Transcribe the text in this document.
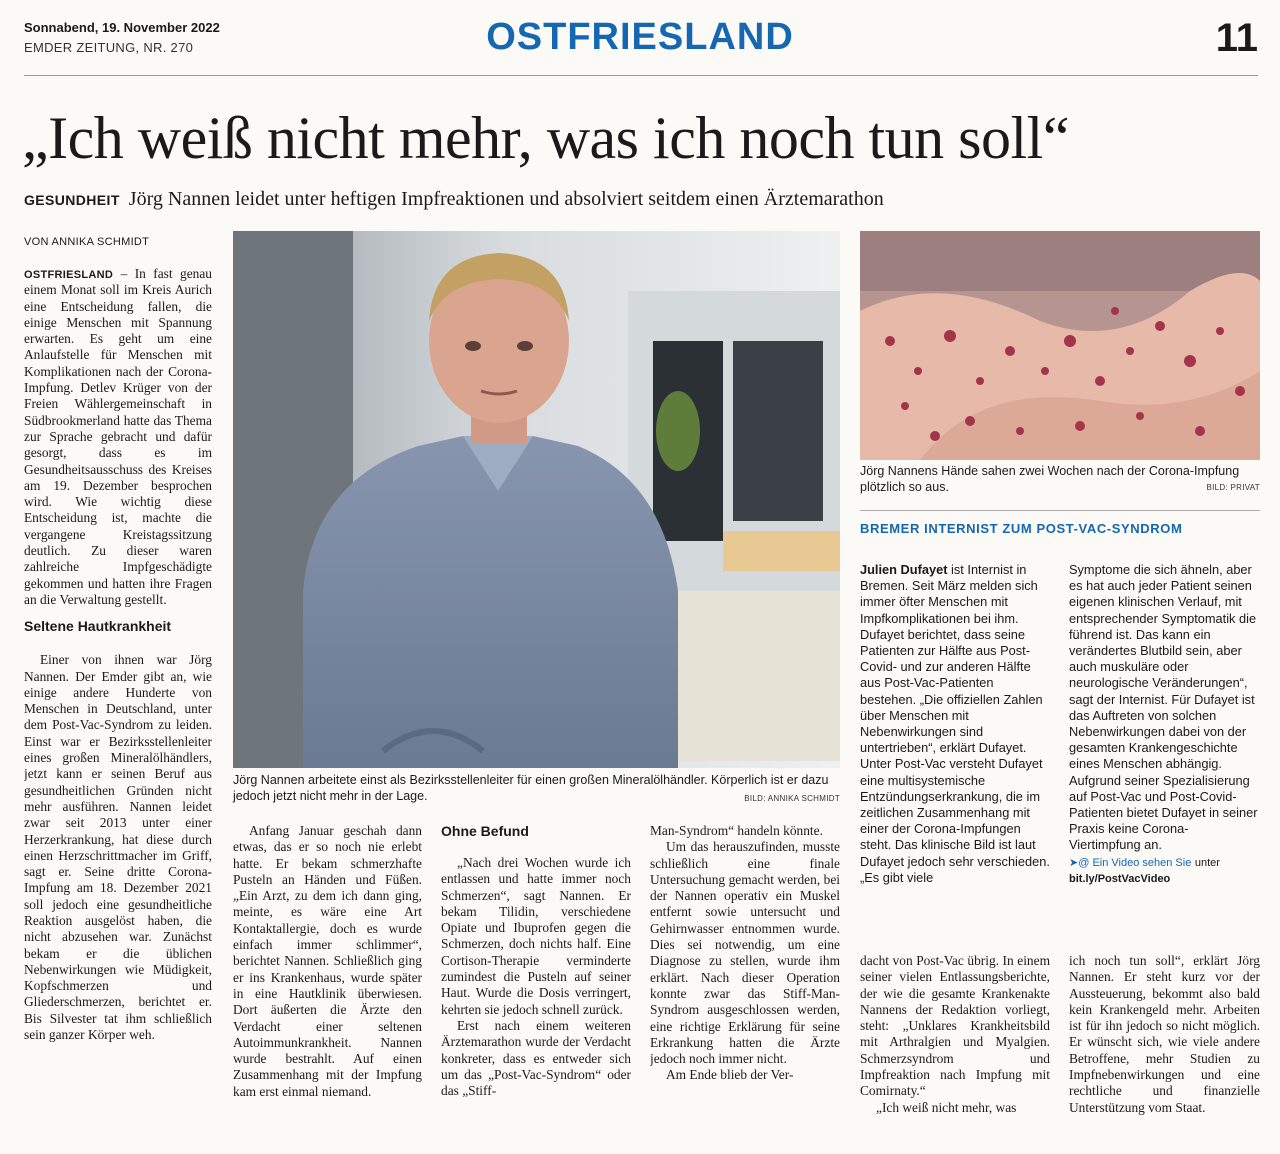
Sonnabend, 19. November 2022
EMDER ZEITUNG, NR. 270	OSTFRIESLAND	11
„Ich weiß nicht mehr, was ich noch tun soll“
GESUNDHEIT Jörg Nannen leidet unter heftigen Impfreaktionen und absolviert seitdem einen Ärztemarathon
VON ANNIKA SCHMIDT

OSTFRIESLAND – In fast genau einem Monat soll im Kreis Aurich eine Entscheidung fallen, die einige Menschen mit Spannung erwarten. Es geht um eine Anlaufstelle für Menschen mit Komplikationen nach der Corona-Impfung. Detlev Krüger von der Freien Wählergemeinschaft in Südbrookmerland hatte das Thema zur Sprache gebracht und dafür gesorgt, dass es im Gesundheitsausschuss des Kreises am 19. Dezember besprochen wird. Wie wichtig diese Entscheidung ist, machte die vergangene Kreistagssitzung deutlich. Zu dieser waren zahlreiche Impfgeschädigte gekommen und hatten ihre Fragen an die Verwaltung gestellt.

Seltene Hautkrankheit

Einer von ihnen war Jörg Nannen. Der Emder gibt an, wie einige andere Hunderte von Menschen in Deutschland, unter dem Post-Vac-Syndrom zu leiden. Einst war er Bezirksstellenleiter eines großen Mineralölhändlers, jetzt kann er seinen Beruf aus gesundheitlichen Gründen nicht mehr ausführen. Nannen leidet zwar seit 2013 unter einer Herzerkrankung, hat diese durch einen Herzschrittmacher im Griff, sagt er. Seine dritte Corona-Impfung am 18. Dezember 2021 soll jedoch eine gesundheitliche Reaktion ausgelöst haben, die nicht abzusehen war. Zunächst bekam er die üblichen Nebenwirkungen wie Müdigkeit, Kopfschmerzen und Gliederschmerzen, berichtet er. Bis Silvester tat ihm schließlich sein ganzer Körper weh.

Jörg Nannen arbeitete einst als Bezirksstellenleiter für einen großen Mineralölhändler. Körperlich ist er dazu jedoch jetzt nicht mehr in der Lage.	BILD: ANNIKA SCHMIDT

Anfang Januar geschah dann etwas, das er so noch nie erlebt hatte. Er bekam schmerzhafte Pusteln an Händen und Füßen. „Ein Arzt, zu dem ich dann ging, meinte, es wäre eine Art Kontaktallergie, doch es wurde einfach immer schlimmer“, berichtet Nannen. Schließlich ging er ins Krankenhaus, wurde später in eine Hautklinik überwiesen. Dort äußerten die Ärzte den Verdacht einer seltenen Autoimmunkrankheit. Nannen wurde bestrahlt. Auf einen Zusammenhang mit der Impfung kam erst einmal niemand.

Ohne Befund

„Nach drei Wochen wurde ich entlassen und hatte immer noch Schmerzen“, sagt Nannen. Er bekam Tilidin, verschiedene Opiate und Ibuprofen gegen die Schmerzen, doch nichts half. Eine Cortison-Therapie verminderte zumindest die Pusteln auf seiner Haut. Wurde die Dosis verringert, kehrten sie jedoch schnell zurück.

Erst nach einem weiteren Ärztemarathon wurde der Verdacht konkreter, dass es entweder sich um das „Post-Vac-Syndrom“ oder das „Stiff-

Man-Syndrom“ handeln könnte.

Um das herauszufinden, musste schließlich eine finale Untersuchung gemacht werden, bei der Nannen operativ ein Muskel entfernt sowie untersucht und Gehirnwasser entnommen wurde. Dies sei notwendig, um eine Diagnose zu stellen, wurde ihm erklärt. Nach dieser Operation konnte zwar das Stiff-Man-Syndrom ausgeschlossen werden, eine richtige Erklärung für seine Erkrankung hatten die Ärzte jedoch noch immer nicht.

Am Ende blieb der Ver-

Jörg Nannens Hände sahen zwei Wochen nach der Corona-Impfung plötzlich so aus.	BILD: PRIVAT
BREMER INTERNIST ZUM POST-VAC-SYNDROM
Julien Dufayet ist Internist in Bremen. Seit März melden sich immer öfter Menschen mit Impfkomplikationen bei ihm. Dufayet berichtet, dass seine Patienten zur Hälfte aus Post-Covid- und zur anderen Hälfte aus Post-Vac-Patienten bestehen. „Die offiziellen Zahlen über Menschen mit Nebenwirkungen sind untertrieben“, erklärt Dufayet. Unter Post-Vac versteht Dufayet eine multisystemische Entzündungserkrankung, die im zeitlichen Zusammenhang mit einer der Corona-Impfungen steht. Das klinische Bild ist laut Dufayet jedoch sehr verschieden. „Es gibt viele
Symptome die sich ähneln, aber es hat auch jeder Patient seinen eigenen klinischen Verlauf, mit entsprechender Symptomatik die führend ist. Das kann ein verändertes Blutbild sein, aber auch muskuläre oder neurologische Veränderungen“, sagt der Internist. Für Dufayet ist das Auftreten von solchen Nebenwirkungen dabei von der gesamten Krankengeschichte eines Menschen abhängig. Aufgrund seiner Spezialisierung auf Post-Vac und Post-Covid-Patienten bietet Dufayet in seiner Praxis keine Corona-Viertimpfung an.
➤@ Ein Video sehen Sie unter
bit.ly/PostVacVideo

dacht von Post-Vac übrig. In einem seiner vielen Entlassungsberichte, der wie die gesamte Krankenakte Nannens der Redaktion vorliegt, steht: „Unklares Krankheitsbild mit Arthralgien und Myalgien. Schmerzsyndrom und Impfreaktion nach Impfung mit Comirnaty.“

„Ich weiß nicht mehr, was

ich noch tun soll“, erklärt Jörg Nannen. Er steht kurz vor der Aussteuerung, bekommt also bald kein Krankengeld mehr. Arbeiten ist für ihn jedoch so nicht möglich. Er wünscht sich, wie viele andere Betroffene, mehr Studien zu Impfnebenwirkungen und eine rechtliche und finanzielle Unterstützung vom Staat.
